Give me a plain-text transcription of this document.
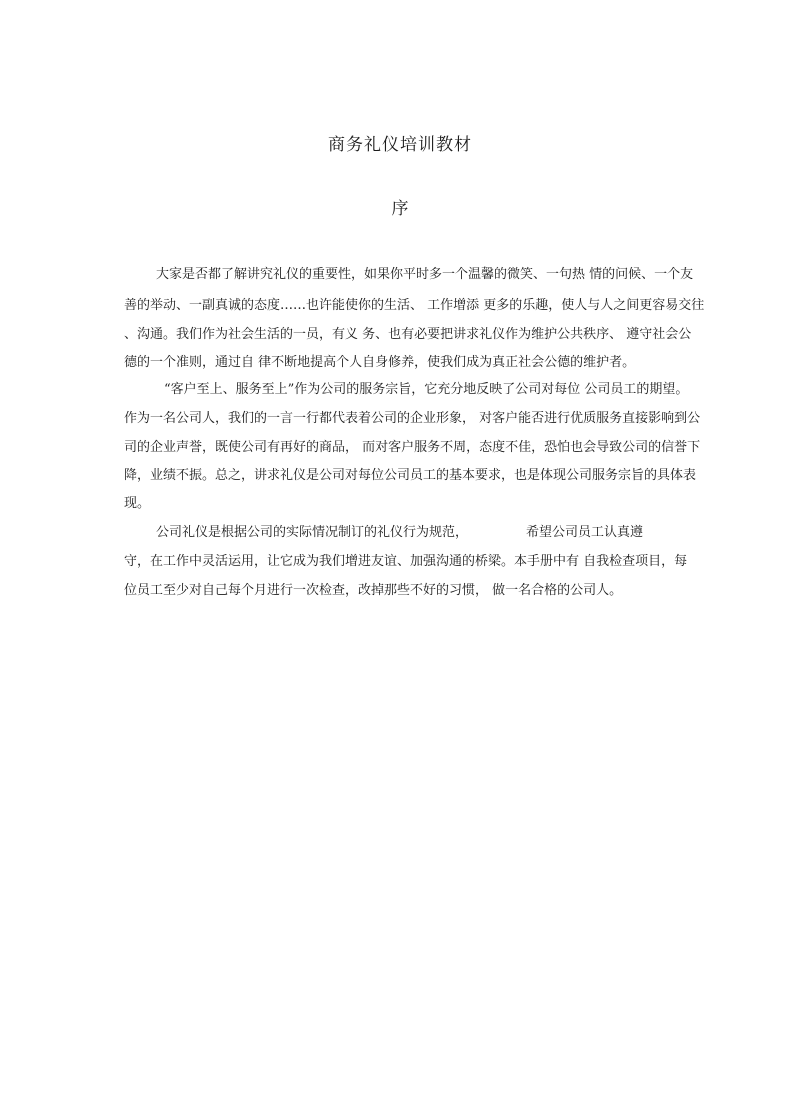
商务礼仪培训教材
序
大家是否都了解讲究礼仪的重要性，如果你平时多一个温馨的微笑、一句热 情的问候、一个友
善的举动、一副真诚的态度……也许能使你的生活、 工作增添 更多的乐趣，使人与人之间更容易交往
、沟通。我们作为社会生活的一员，有义 务、也有必要把讲求礼仪作为维护公共秩序、 遵守社会公
德的一个准则，通过自 律不断地提高个人自身修养，使我们成为真正社会公德的维护者。
“客户至上、服务至上”作为公司的服务宗旨，它充分地反映了公司对每位 公司员工的期望。
作为一名公司人，我们的一言一行都代表着公司的企业形象， 对客户能否进行优质服务直接影响到公
司的企业声誉，既使公司有再好的商品， 而对客户服务不周，态度不佳，恐怕也会导致公司的信誉下
降，业绩不振。总之，讲求礼仪是公司对每位公司员工的基本要求，也是体现公司服务宗旨的具体表
现。
公司礼仪是根据公司的实际情况制订的礼仪行为规范，	希望公司员工认真遵
守，在工作中灵活运用，让它成为我们增进友谊、加强沟通的桥梁。本手册中有 自我检查项目，每
位员工至少对自己每个月进行一次检查，改掉那些不好的习惯， 做一名合格的公司人。
